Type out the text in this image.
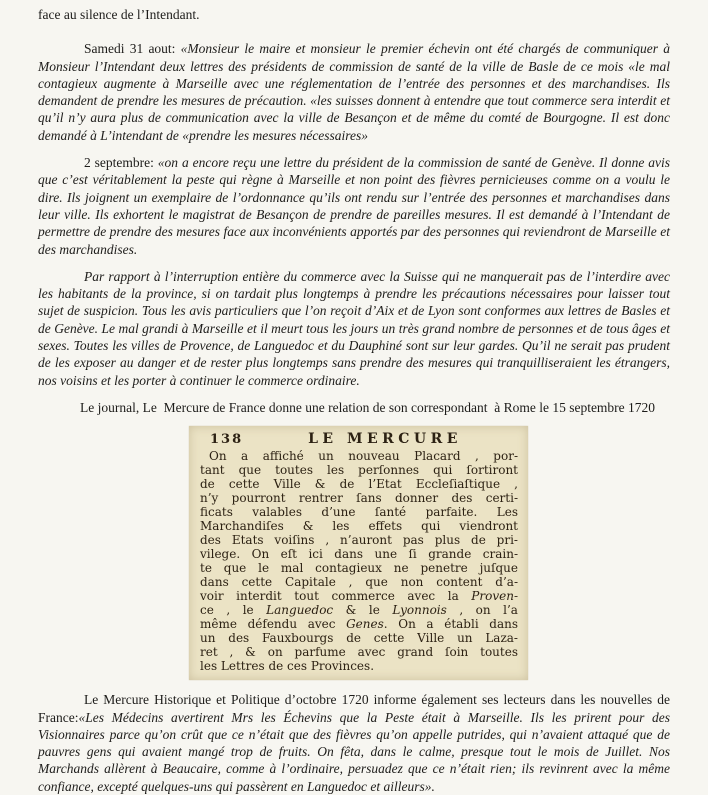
face au silence de l’Intendant.

Samedi 31 aout: «Monsieur le maire et monsieur le premier échevin ont été chargés de communiquer à Monsieur l’Intendant deux lettres des présidents de commission de santé de la ville de Basle de ce mois «le mal contagieux augmente à Marseille avec une réglementation de l’entrée des personnes et des marchandises. Ils demandent de prendre les mesures de précaution. «les suisses donnent à entendre que tout commerce sera interdit et qu’il n’y aura plus de communication avec la ville de Besançon et de même du comté de Bourgogne. Il est donc demandé à L’intendant de «prendre les mesures nécessaires»

2 septembre: «on a encore reçu une lettre du président de la commission de santé de Genève. Il donne avis que c’est véritablement la peste qui règne à Marseille et non point des fièvres pernicieuses comme on a voulu le dire. Ils joignent un exemplaire de l’ordonnance qu’ils ont rendu sur l’entrée des personnes et marchandises dans leur ville. Ils exhortent le magistrat de Besançon de prendre de pareilles mesures. Il est demandé à l’Intendant de permettre de prendre des mesures face aux inconvénients apportés par des personnes qui reviendront de Marseille et des marchandises.

Par rapport à l’interruption entière du commerce avec la Suisse qui ne manquerait pas de l’interdire avec les habitants de la province, si on tardait plus longtemps à prendre les précautions nécessaires pour laisser tout sujet de suspicion. Tous les avis particuliers que l’on reçoit d’Aix et de Lyon sont conformes aux lettres de Basles et de Genève. Le mal grandi à Marseille et il meurt tous les jours un très grand nombre de personnes et de tous âges et sexes. Toutes les villes de Provence, de Languedoc et du Dauphiné sont sur leur gardes. Qu’il ne serait pas prudent de les exposer au danger et de rester plus longtemps sans prendre des mesures qui tranquilliseraient les étrangers, nos voisins et les porter à continuer le commerce ordinaire.

Le journal, Le  Mercure de France donne une relation de son correspondant  à Rome le 15 septembre 1720

138	LE MERCURE
On a affiché un nouveau Placard , por-
tant que toutes les perſonnes qui ſortiront
de cette Ville & de l’Etat Eccleſiaſtique ,
n’y pourront rentrer ſans donner des certi-
ficats valables d’une ſanté parfaite. Les
Marchandiſes & les effets qui viendront
des Etats voiſins , n’auront pas plus de pri-
vilege. On eſt ici dans une ſi grande crain-
te que le mal contagieux ne penetre juſque
dans cette Capitale , que non content d’a-
voir interdit tout commerce avec la Proven-
ce , le Languedoc & le Lyonnois , on l’a
même défendu avec Genes. On a établi dans
un des Fauxbourgs de cette Ville un Laza-
ret , & on parfume avec grand ſoin toutes
les Lettres de ces Provinces.

Le Mercure Historique et Politique d’octobre 1720 informe également ses lecteurs dans les nouvelles de France:«Les Médecins avertirent Mrs les Échevins que la Peste était à Marseille. Ils les prirent pour des Visionnaires parce qu’on crût que ce n’était que des fièvres qu’on appelle putrides, qui n’avaient attaqué que de pauvres gens qui avaient mangé trop de fruits. On fêta, dans le calme, presque tout le mois de Juillet. Nos Marchands allèrent à Beaucaire, comme à l’ordinaire, persuadez que ce n’était rien; ils revinrent avec la même confiance, excepté quelques-uns qui passèrent en Languedoc et ailleurs».
